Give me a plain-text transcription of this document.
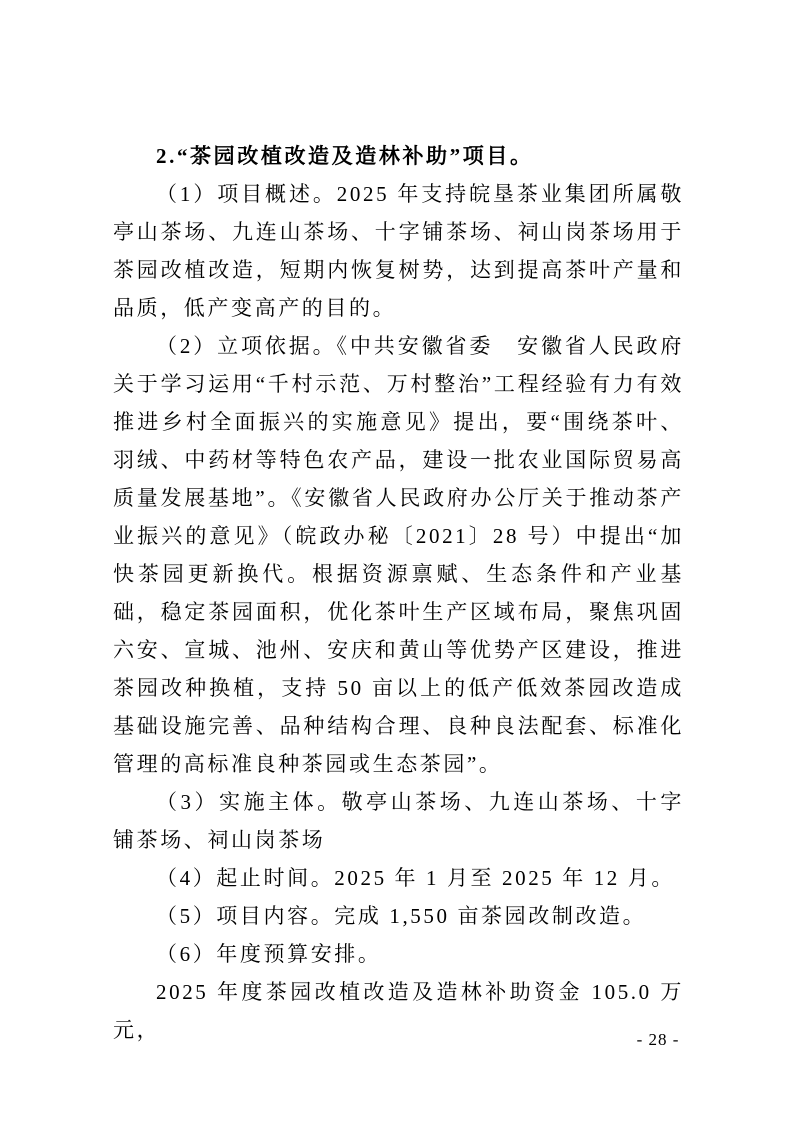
2.“茶园改植改造及造林补助”项目。

（1）项目概述。2025 年支持皖垦茶业集团所属敬亭山茶场、九连山茶场、十字铺茶场、祠山岗茶场用于茶园改植改造，短期内恢复树势，达到提高茶叶产量和品质，低产变高产的目的。

（2）立项依据。《中共安徽省委　安徽省人民政府关于学习运用“千村示范、万村整治”工程经验有力有效推进乡村全面振兴的实施意见》提出，要“围绕茶叶、羽绒、中药材等特色农产品，建设一批农业国际贸易高质量发展基地”。《安徽省人民政府办公厅关于推动茶产业振兴的意见》（皖政办秘〔2021〕28 号）中提出“加快茶园更新换代。根据资源禀赋、生态条件和产业基础，稳定茶园面积，优化茶叶生产区域布局，聚焦巩固六安、宣城、池州、安庆和黄山等优势产区建设，推进茶园改种换植，支持 50 亩以上的低产低效茶园改造成基础设施完善、品种结构合理、良种良法配套、标准化管理的高标准良种茶园或生态茶园”。

（3）实施主体。敬亭山茶场、九连山茶场、十字铺茶场、祠山岗茶场

（4）起止时间。2025 年 1 月至 2025 年 12 月。

（5）项目内容。完成 1,550 亩茶园改制改造。

（6）年度预算安排。

2025 年度茶园改植改造及造林补助资金 105.0 万元，	- 28 -
